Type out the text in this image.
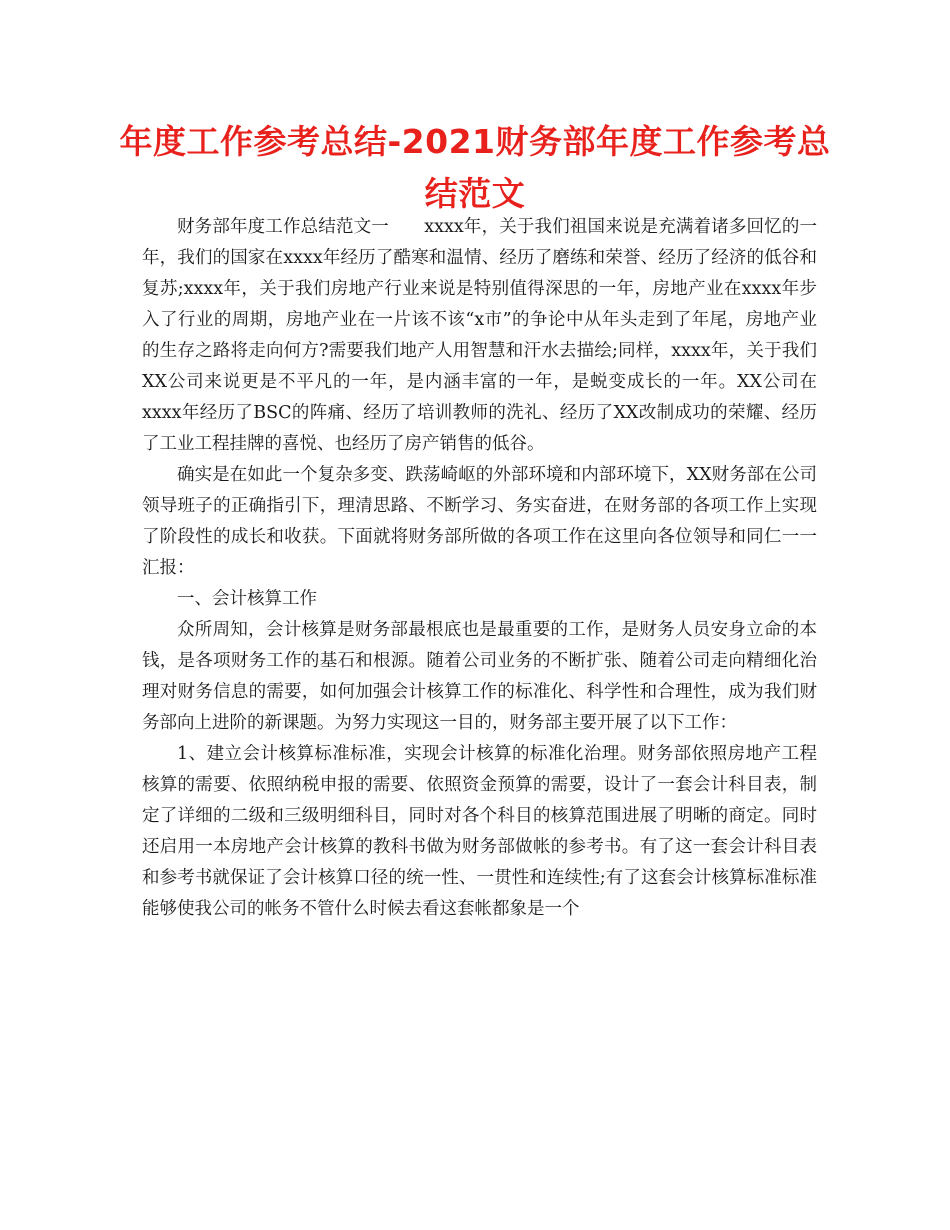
年度工作参考总结-2021财务部年度工作参考总结范文

财务部年度工作总结范文一　　xxxx年，关于我们祖国来说是充满着诸多回忆的一年，我们的国家在xxxx年经历了酷寒和温情、经历了磨练和荣誉、经历了经济的低谷和复苏;xxxx年，关于我们房地产行业来说是特别值得深思的一年，房地产业在xxxx年步入了行业的周期，房地产业在一片该不该“x市”的争论中从年头走到了年尾，房地产业的生存之路将走向何方?需要我们地产人用智慧和汗水去描绘;同样，xxxx年，关于我们XX公司来说更是不平凡的一年，是内涵丰富的一年，是蜕变成长的一年。XX公司在xxxx年经历了BSC的阵痛、经历了培训教师的洗礼、经历了XX改制成功的荣耀、经历了工业工程挂牌的喜悦、也经历了房产销售的低谷。

确实是在如此一个复杂多变、跌荡崎岖的外部环境和内部环境下，XX财务部在公司领导班子的正确指引下，理清思路、不断学习、务实奋进，在财务部的各项工作上实现了阶段性的成长和收获。下面就将财务部所做的各项工作在这里向各位领导和同仁一一汇报：

一、会计核算工作

众所周知，会计核算是财务部最根底也是最重要的工作，是财务人员安身立命的本钱，是各项财务工作的基石和根源。随着公司业务的不断扩张、随着公司走向精细化治理对财务信息的需要，如何加强会计核算工作的标准化、科学性和合理性，成为我们财务部向上进阶的新课题。为努力实现这一目的，财务部主要开展了以下工作：

1、建立会计核算标准标准，实现会计核算的标准化治理。财务部依照房地产工程核算的需要、依照纳税申报的需要、依照资金预算的需要，设计了一套会计科目表，制定了详细的二级和三级明细科目，同时对各个科目的核算范围进展了明晰的商定。同时还启用一本房地产会计核算的教科书做为财务部做帐的参考书。有了这一套会计科目表和参考书就保证了会计核算口径的统一性、一贯性和连续性;有了这套会计核算标准标准能够使我公司的帐务不管什么时候去看这套帐都象是一个
